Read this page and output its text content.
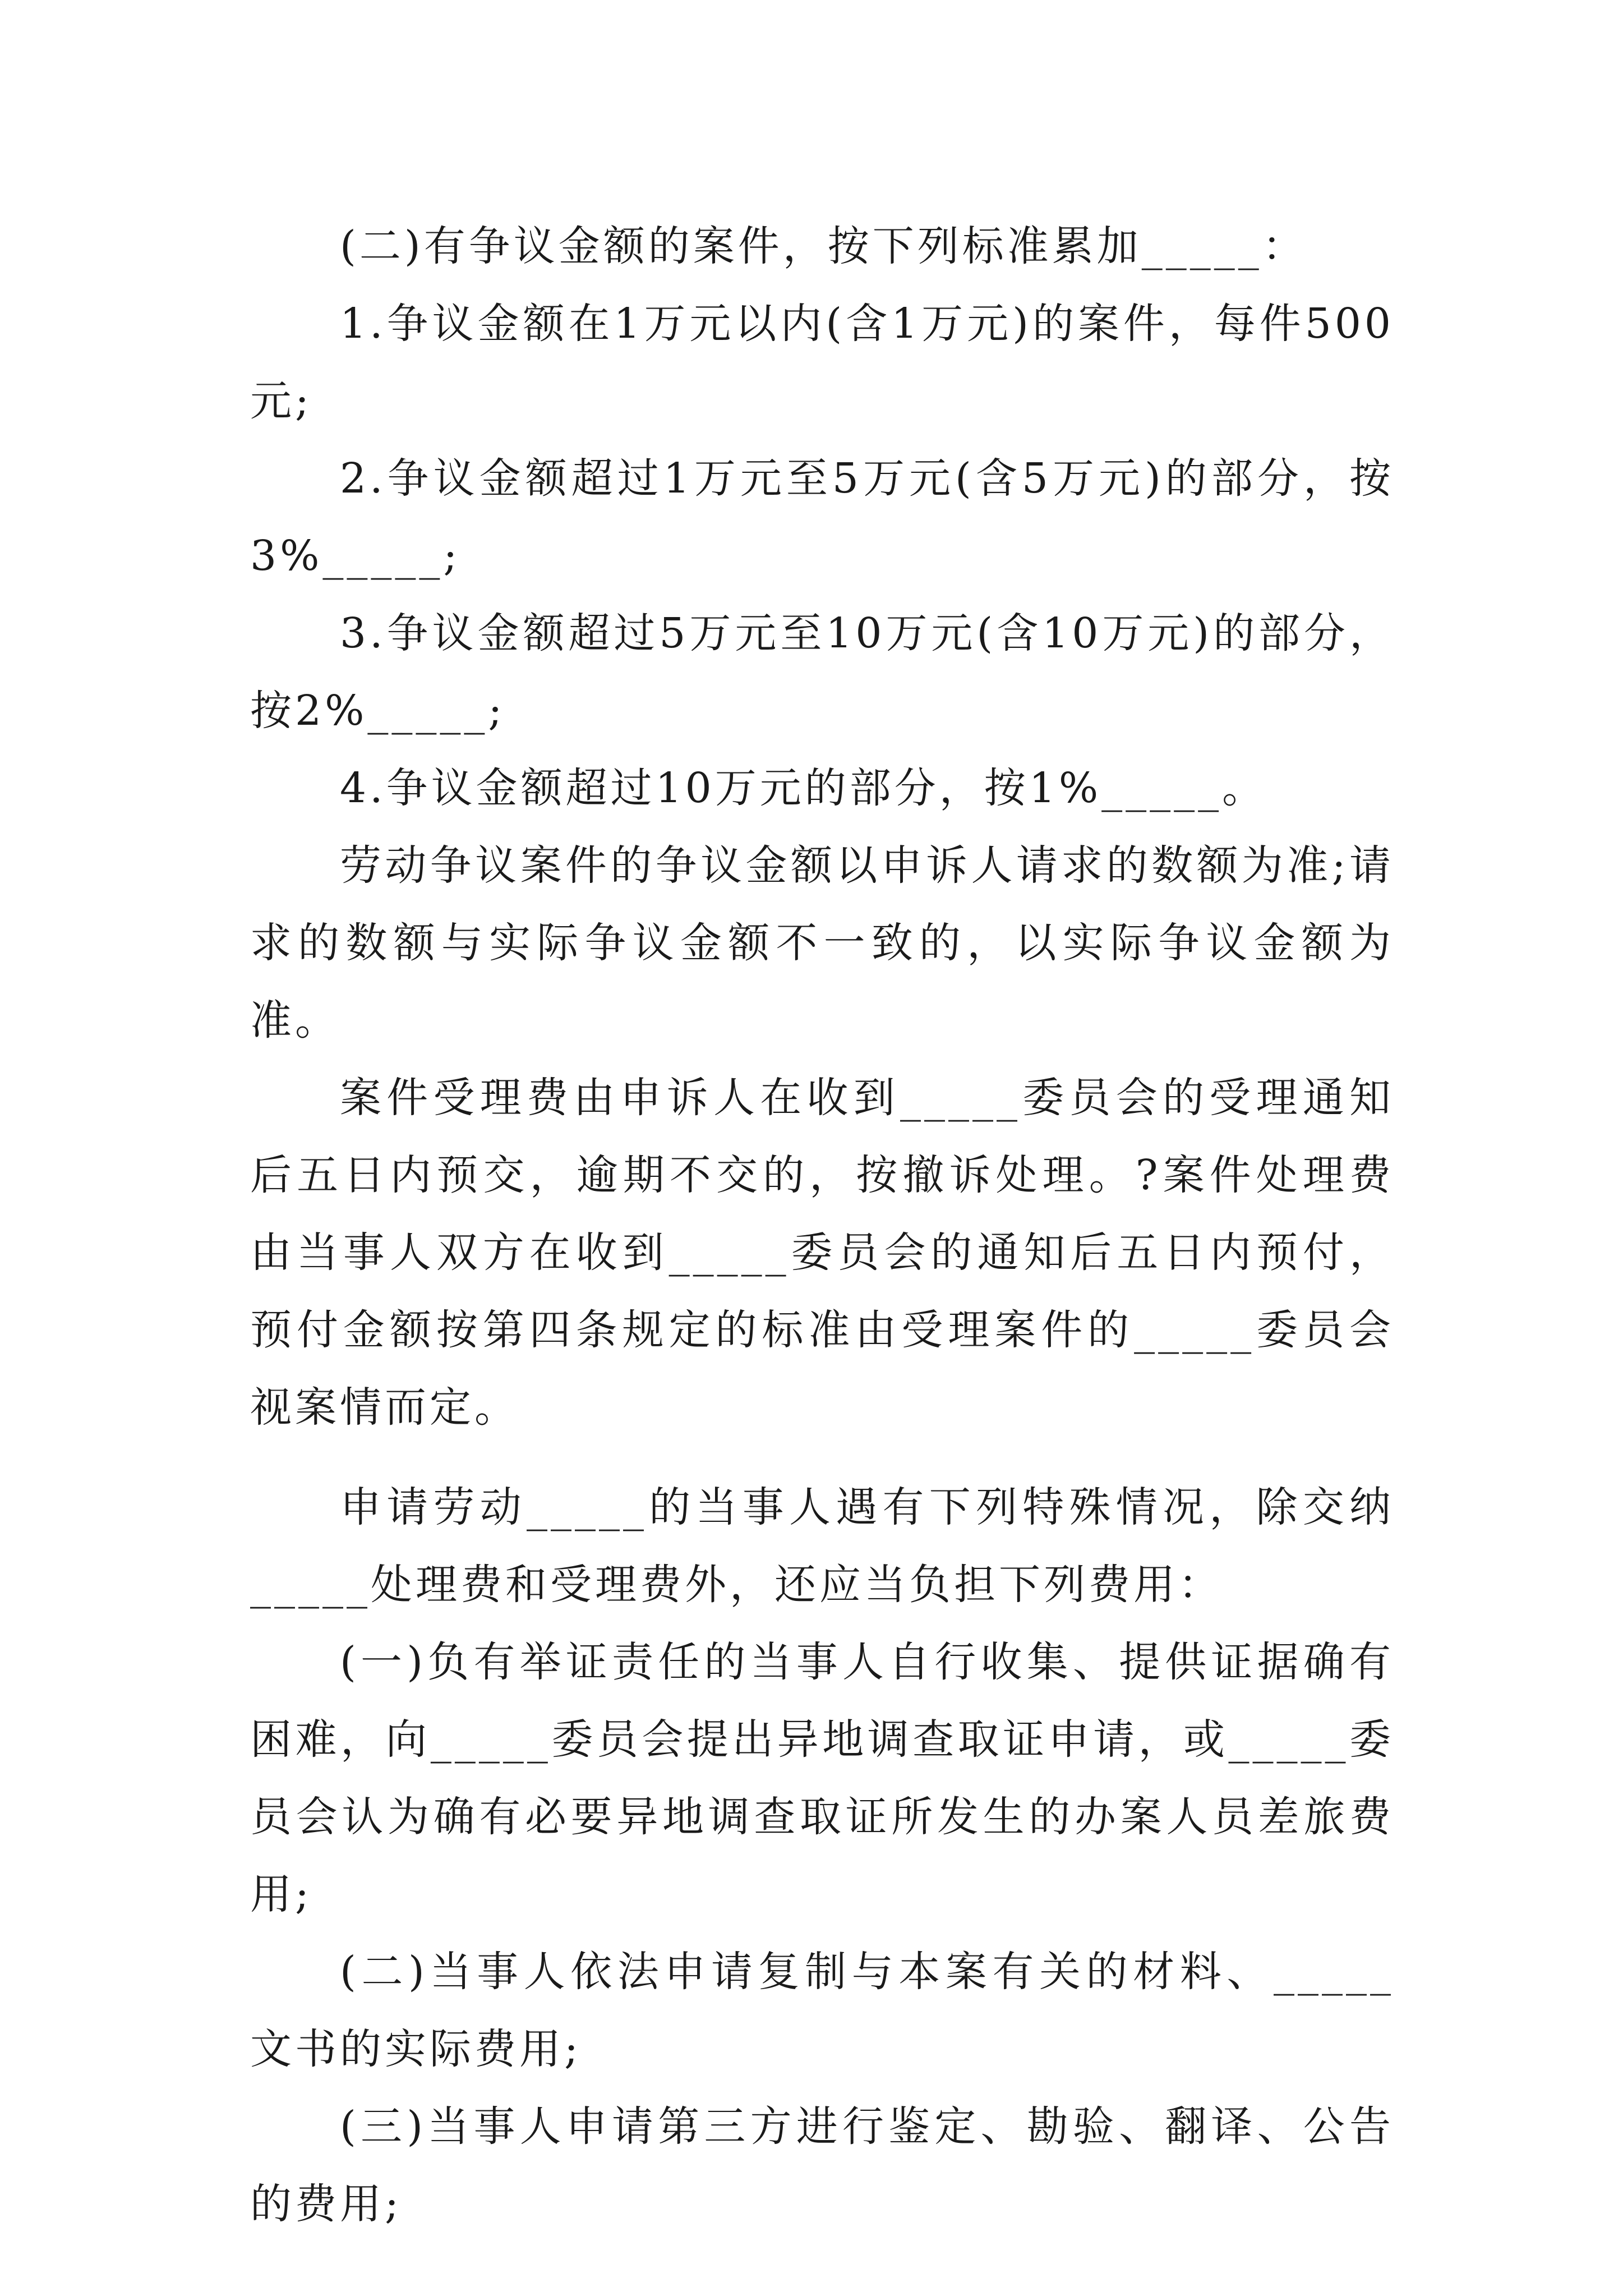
(二)有争议金额的案件，按下列标准累加_____：

1.争议金额在1万元以内(含1万元)的案件，每件500元;

2.争议金额超过1万元至5万元(含5万元)的部分，按3%_____;

3.争议金额超过5万元至10万元(含10万元)的部分，按2%_____;

4.争议金额超过10万元的部分，按1%_____。

劳动争议案件的争议金额以申诉人请求的数额为准;请求的数额与实际争议金额不一致的，以实际争议金额为准。

案件受理费由申诉人在收到_____委员会的受理通知后五日内预交，逾期不交的，按撤诉处理。?案件处理费由当事人双方在收到_____委员会的通知后五日内预付，预付金额按第四条规定的标准由受理案件的_____委员会视案情而定。

申请劳动_____的当事人遇有下列特殊情况，除交纳_____处理费和受理费外，还应当负担下列费用：

(一)负有举证责任的当事人自行收集、提供证据确有困难，向_____委员会提出异地调查取证申请，或_____委员会认为确有必要异地调查取证所发生的办案人员差旅费用;

(二)当事人依法申请复制与本案有关的材料、_____文书的实际费用;

(三)当事人申请第三方进行鉴定、勘验、翻译、公告的费用;
